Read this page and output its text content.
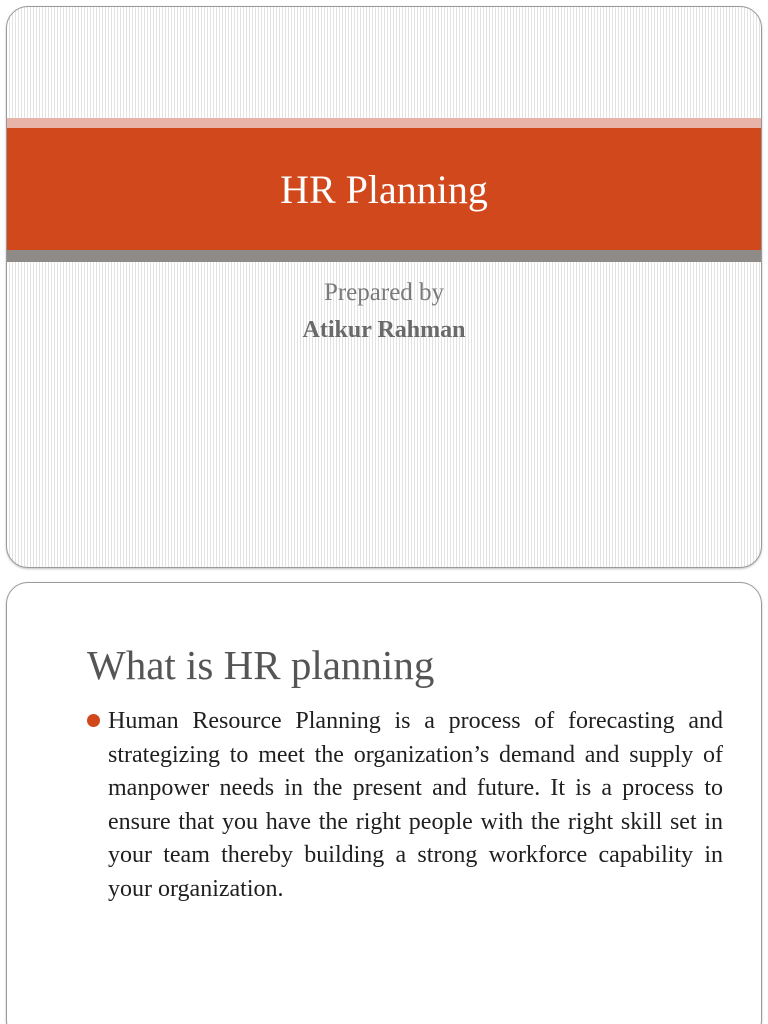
HR Planning
Prepared by
Atikur Rahman
What is HR planning

Human Resource Planning is a process of forecasting and strategizing to meet the organization’s demand and supply of manpower needs in the present and future. It is a process to ensure that you have the right people with the right skill set in your team thereby building a strong workforce capability in your organization.
